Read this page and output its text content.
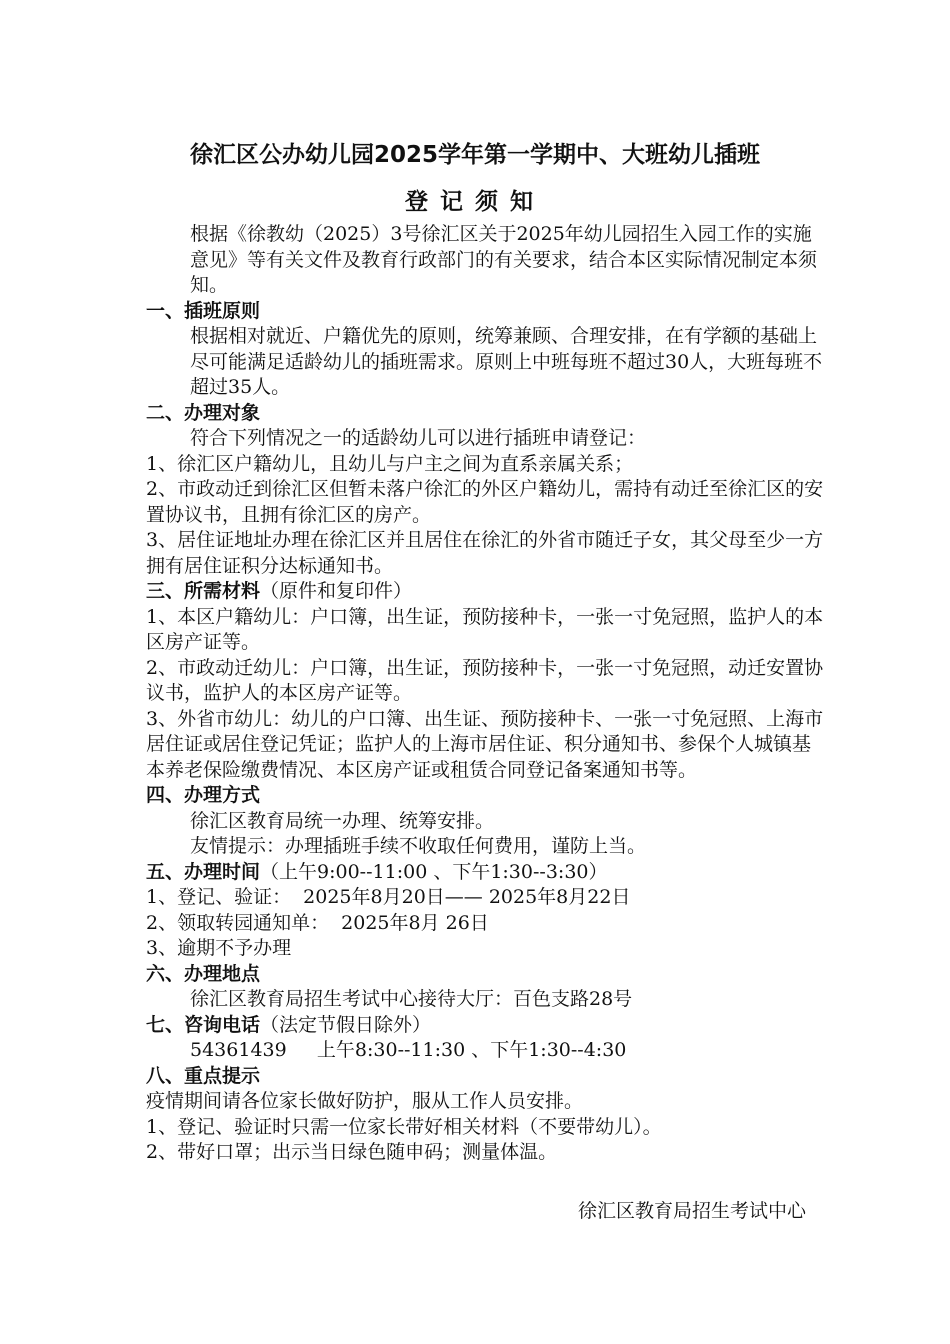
徐汇区公办幼儿园2025学年第一学期中、大班幼儿插班
登记须知

根据《徐教幼（2025）3号徐汇区关于2025年幼儿园招生入园工作的实施意见》等有关文件及教育行政部门的有关要求，结合本区实际情况制定本须知。

一、插班原则

根据相对就近、户籍优先的原则，统筹兼顾、合理安排，在有学额的基础上尽可能满足适龄幼儿的插班需求。原则上中班每班不超过30人，大班每班不超过35人。

二、办理对象

符合下列情况之一的适龄幼儿可以进行插班申请登记：

1、徐汇区户籍幼儿，且幼儿与户主之间为直系亲属关系；

2、市政动迁到徐汇区但暂未落户徐汇的外区户籍幼儿，需持有动迁至徐汇区的安置协议书，且拥有徐汇区的房产。

3、居住证地址办理在徐汇区并且居住在徐汇的外省市随迁子女，其父母至少一方拥有居住证积分达标通知书。

三、所需材料（原件和复印件）

1、本区户籍幼儿：户口簿，出生证，预防接种卡，一张一寸免冠照，监护人的本区房产证等。

2、市政动迁幼儿：户口簿，出生证，预防接种卡，一张一寸免冠照，动迁安置协议书，监护人的本区房产证等。

3、外省市幼儿：幼儿的户口簿、出生证、预防接种卡、一张一寸免冠照、上海市居住证或居住登记凭证；监护人的上海市居住证、积分通知书、参保个人城镇基本养老保险缴费情况、本区房产证或租赁合同登记备案通知书等。

四、办理方式

徐汇区教育局统一办理、统筹安排。

友情提示：办理插班手续不收取任何费用，谨防上当。

五、办理时间（上午9:00--11:00 、下午1:30--3:30）

1、登记、验证：  2025年8月20日—— 2025年8月22日

2、领取转园通知单：  2025年8月 26日

3、逾期不予办理

六、办理地点

徐汇区教育局招生考试中心接待大厅：百色支路28号

七、咨询电话（法定节假日除外）

54361439     上午8:30--11:30 、下午1:30--4:30

八、重点提示

疫情期间请各位家长做好防护，服从工作人员安排。

1、登记、验证时只需一位家长带好相关材料（不要带幼儿）。

2、带好口罩；出示当日绿色随申码；测量体温。

徐汇区教育局招生考试中心
